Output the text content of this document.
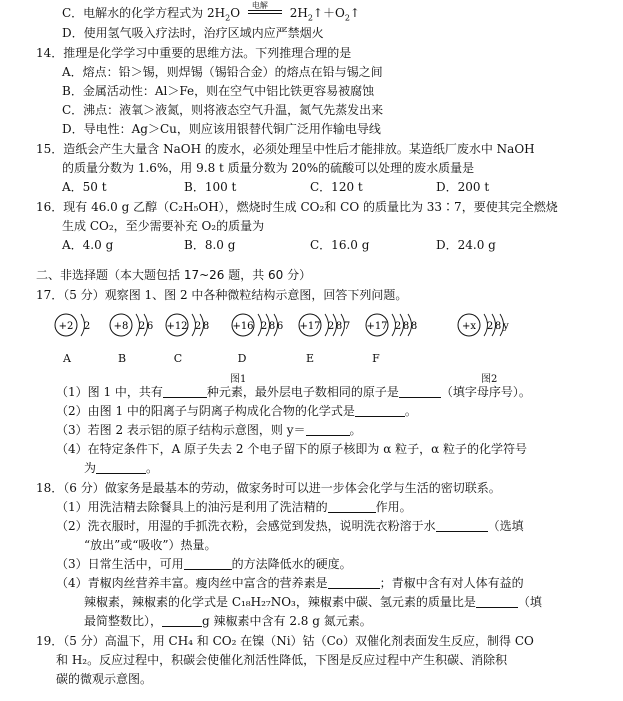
C．电解水的化学方程式为 $2H_2O$
电解
$2H_2↑+O_2↑$
D．使用氢气吸入疗法时，治疗区域内应严禁烟火
14．推理是化学学习中重要的思维方法。下列推理合理的是
A．熔点：铅＞锡，则焊锡（锡铅合金）的熔点在铅与锡之间
B．金属活动性：Al＞Fe，则在空气中铝比铁更容易被腐蚀
C．沸点：液氧＞液氮，则将液态空气升温，氮气先蒸发出来
D．导电性：Ag＞Cu，则应该用银替代铜广泛用作输电导线
15．造纸会产生大量含 NaOH 的废水，必须处理呈中性后才能排放。某造纸厂废水中 NaOH
的质量分数为 1.6%，用 9.8 t 质量分数为 20%的硫酸可以处理的废水质量是
A．50 t	B．100 t	C．120 t	D．200 t
16．现有 46.0 g 乙醇（C₂H₅OH），燃烧时生成 CO₂和 CO 的质量比为 33∶7，要使其完全燃烧
生成 CO₂，至少需要补充 O₂的质量为
A．4.0 g	B．8.0 g	C．16.0 g	D．24.0 g
二、非选择题（本大题包括 17~26 题，共 60 分）
17．（5 分）观察图 1、图 2 中各种微粒结构示意图，回答下列问题。
+2 2 +8 2 6 +12 2 8 +16 2 8 6 +17 2 8 7 +17 2 8 8	+x 2 8 y
A	B	C	D	E	F
图1	图2
（1）图 1 中，共有	种元素，最外层电子数相同的原子是	（填字母序号）。
（2）由图 1 中的阳离子与阴离子构成化合物的化学式是	。
（3）若图 2 表示铝的原子结构示意图，则 y＝	。
（4）在特定条件下，A 原子失去 2 个电子留下的原子核即为 α 粒子，α 粒子的化学符号
为	。
18．（6 分）做家务是最基本的劳动，做家务时可以进一步体会化学与生活的密切联系。
（1）用洗洁精去除餐具上的油污是利用了洗洁精的	作用。
（2）洗衣服时，用湿的手抓洗衣粉，会感觉到发热，说明洗衣粉溶于水	（选填
“放出”或“吸收”）热量。
（3）日常生活中，可用	的方法降低水的硬度。
（4）青椒肉丝营养丰富。瘦肉丝中富含的营养素是	；青椒中含有对人体有益的
辣椒素，辣椒素的化学式是 C₁₈H₂₇NO₃，辣椒素中碳、氢元素的质量比是	（填
最简整数比），	g 辣椒素中含有 2.8 g 氮元素。
19．（5 分）高温下，用 CH₄ 和 CO₂ 在镍（Ni）钴（Co）双催化剂表面发生反应，制得 CO
和 H₂。反应过程中，积碳会使催化剂活性降低，下图是反应过程中产生积碳、消除积
碳的微观示意图。
